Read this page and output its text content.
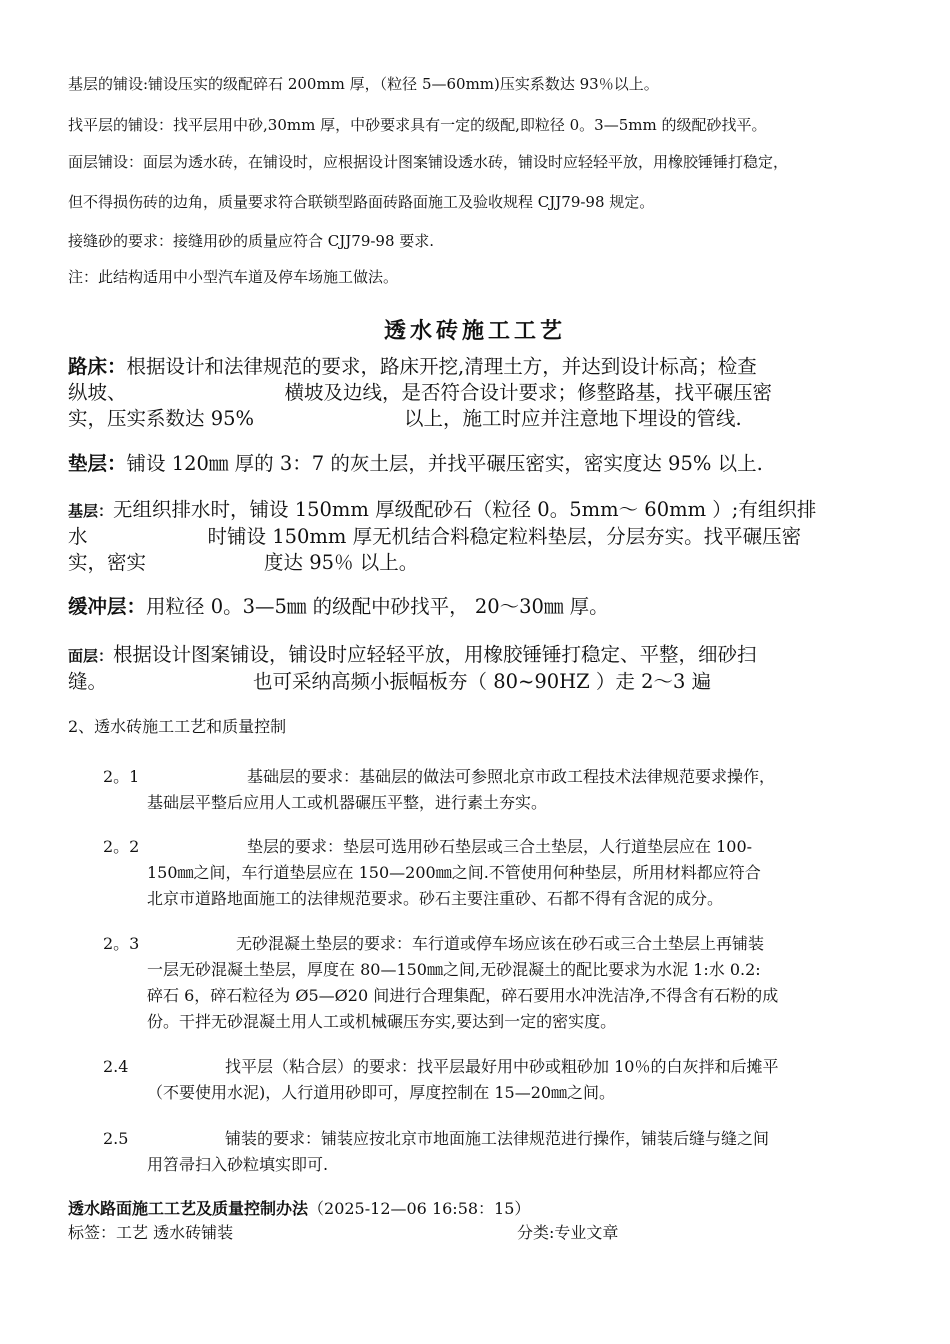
基层的铺设:铺设压实的级配碎石 200mm 厚，（粒径 5—60mm)压实系数达 93％以上。
找平层的铺设：找平层用中砂,30mm 厚，中砂要求具有一定的级配,即粒径 0。3—5mm 的级配砂找平。
面层铺设：面层为透水砖，在铺设时，应根据设计图案铺设透水砖，铺设时应轻轻平放，用橡胶锤锤打稳定，
但不得损伤砖的边角，质量要求符合联锁型路面砖路面施工及验收规程 CJJ79-98 规定。
接缝砂的要求：接缝用砂的质量应符合 CJJ79-98 要求.
注：此结构适用中小型汽车道及停车场施工做法。
透水砖施工工艺
路床：根据设计和法律规范的要求，路床开挖,清理土方，并达到设计标高；检查
纵坡、	横坡及边线，是否符合设计要求；修整路基，找平碾压密
实，压实系数达 95%	以上，施工时应并注意地下埋设的管线.
垫层：铺设 120㎜ 厚的 3：7 的灰土层，并找平碾压密实，密实度达 95% 以上.
基层：无组织排水时，铺设 150mm 厚级配砂石（粒径 0。5mm～ 60mm ）;有组织排
水	时铺设 150mm 厚无机结合料稳定粒料垫层，分层夯实。找平碾压密
实，密实	度达 95％ 以上。
缓冲层：用粒径 0。3—5㎜ 的级配中砂找平， 20～30㎜ 厚。
面层：根据设计图案铺设，铺设时应轻轻平放，用橡胶锤锤打稳定、平整，细砂扫
缝。	也可采纳高频小振幅板夯（ 80~90HZ ）走 2～3 遍
2、透水砖施工工艺和质量控制
2。1	基础层的要求：基础层的做法可参照北京市政工程技术法律规范要求操作，
基础层平整后应用人工或机器碾压平整，进行素土夯实。
2。2	垫层的要求：垫层可选用砂石垫层或三合土垫层，人行道垫层应在 100-
150㎜之间，车行道垫层应在 150—200㎜之间.不管使用何种垫层，所用材料都应符合
北京市道路地面施工的法律规范要求。砂石主要注重砂、石都不得有含泥的成分。
2。3	无砂混凝土垫层的要求：车行道或停车场应该在砂石或三合土垫层上再铺装
一层无砂混凝土垫层，厚度在 80—150㎜之间,无砂混凝土的配比要求为水泥 1:水 0.2:
碎石 6，碎石粒径为 Ø5—Ø20 间进行合理集配，碎石要用水冲洗洁净,不得含有石粉的成
份。干拌无砂混凝土用人工或机械碾压夯实,要达到一定的密实度。
2.4	找平层（粘合层）的要求：找平层最好用中砂或粗砂加 10％的白灰拌和后摊平
（不要使用水泥)，人行道用砂即可，厚度控制在 15—20㎜之间。
2.5	铺装的要求：铺装应按北京市地面施工法律规范进行操作，铺装后缝与缝之间
用笤帚扫入砂粒填实即可.
透水路面施工工艺及质量控制办法（2025-12—06 16:58：15）
标签：工艺 透水砖铺装	分类:专业文章
